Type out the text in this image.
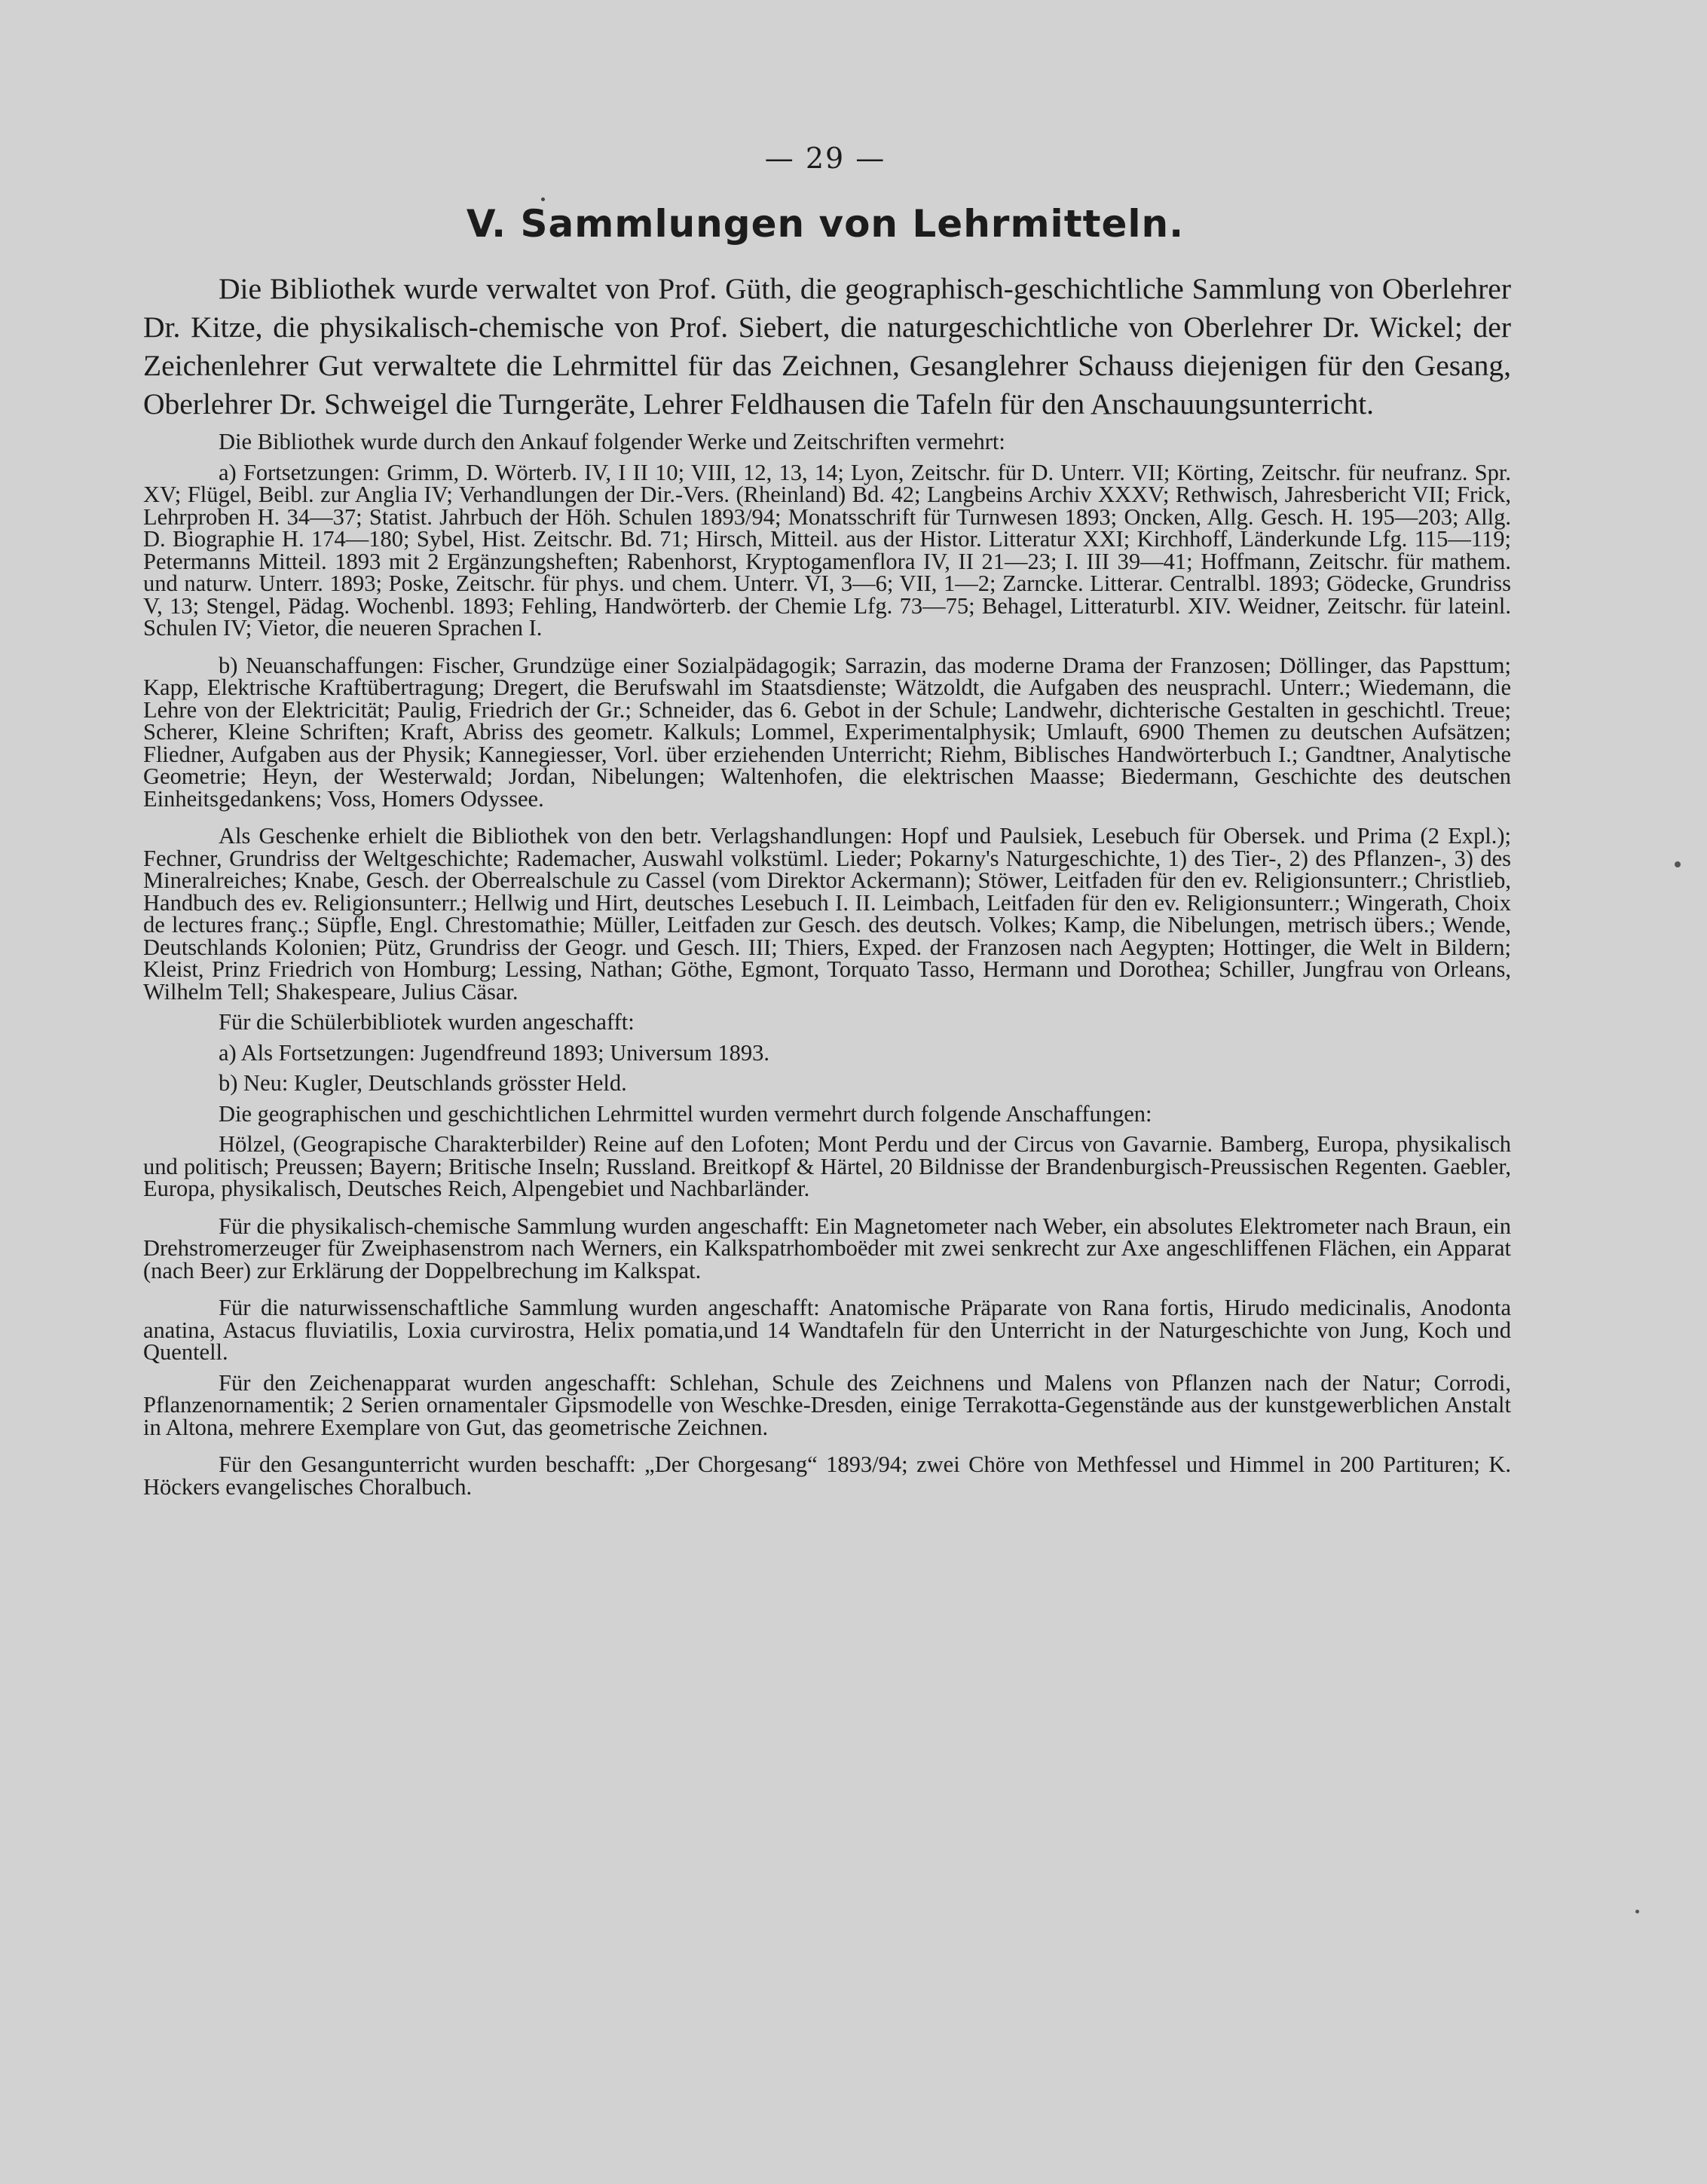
— 29 —
V. Sammlungen von Lehrmitteln.

Die Bibliothek wurde verwaltet von Prof. Güth, die geographisch-geschichtliche Sammlung von Oberlehrer Dr. Kitze, die physikalisch-chemische von Prof. Siebert, die naturgeschichtliche von Oberlehrer Dr. Wickel; der Zeichenlehrer Gut verwaltete die Lehrmittel für das Zeichnen, Gesanglehrer Schauss diejenigen für den Gesang, Oberlehrer Dr. Schweigel die Turngeräte, Lehrer Feldhausen die Tafeln für den Anschauungsunterricht.

Die Bibliothek wurde durch den Ankauf folgender Werke und Zeitschriften vermehrt:

a) Fortsetzungen: Grimm, D. Wörterb. IV, I II 10; VIII, 12, 13, 14; Lyon, Zeitschr. für D. Unterr. VII; Körting, Zeitschr. für neufranz. Spr. XV; Flügel, Beibl. zur Anglia IV; Verhandlungen der Dir.-Vers. (Rheinland) Bd. 42; Langbeins Archiv XXXV; Rethwisch, Jahresbericht VII; Frick, Lehrproben H. 34—37; Statist. Jahrbuch der Höh. Schulen 1893/94; Monatsschrift für Turnwesen 1893; Oncken, Allg. Gesch. H. 195—203; Allg. D. Biographie H. 174—180; Sybel, Hist. Zeitschr. Bd. 71; Hirsch, Mitteil. aus der Histor. Litteratur XXI; Kirchhoff, Länderkunde Lfg. 115—119; Petermanns Mitteil. 1893 mit 2 Ergänzungsheften; Rabenhorst, Kryptogamenflora IV, II 21—23; I. III 39—41; Hoffmann, Zeitschr. für mathem. und naturw. Unterr. 1893; Poske, Zeitschr. für phys. und chem. Unterr. VI, 3—6; VII, 1—2; Zarncke. Litterar. Centralbl. 1893; Gödecke, Grundriss V, 13; Stengel, Pädag. Wochenbl. 1893; Fehling, Handwörterb. der Chemie Lfg. 73—75; Behagel, Litteraturbl. XIV. Weidner, Zeitschr. für lateinl. Schulen IV; Vietor, die neueren Sprachen I.

b) Neuanschaffungen: Fischer, Grundzüge einer Sozialpädagogik; Sarrazin, das moderne Drama der Franzosen; Döllinger, das Papsttum; Kapp, Elektrische Kraftübertragung; Dregert, die Berufswahl im Staatsdienste; Wätzoldt, die Aufgaben des neusprachl. Unterr.; Wiedemann, die Lehre von der Elektricität; Paulig, Friedrich der Gr.; Schneider, das 6. Gebot in der Schule; Landwehr, dichterische Gestalten in geschichtl. Treue; Scherer, Kleine Schriften; Kraft, Abriss des geometr. Kalkuls; Lommel, Experimentalphysik; Umlauft, 6900 Themen zu deutschen Aufsätzen; Fliedner, Aufgaben aus der Physik; Kannegiesser, Vorl. über erziehenden Unterricht; Riehm, Biblisches Handwörterbuch I.; Gandtner, Analytische Geometrie; Heyn, der Westerwald; Jordan, Nibelungen; Waltenhofen, die elektrischen Maasse; Biedermann, Geschichte des deutschen Einheitsgedankens; Voss, Homers Odyssee.

Als Geschenke erhielt die Bibliothek von den betr. Verlagshandlungen: Hopf und Paulsiek, Lesebuch für Obersek. und Prima (2 Expl.); Fechner, Grundriss der Weltgeschichte; Rademacher, Auswahl volkstüml. Lieder; Pokarny's Naturgeschichte, 1) des Tier-, 2) des Pflanzen-, 3) des Mineralreiches; Knabe, Gesch. der Oberrealschule zu Cassel (vom Direktor Ackermann); Stöwer, Leitfaden für den ev. Religionsunterr.; Christlieb, Handbuch des ev. Religionsunterr.; Hellwig und Hirt, deutsches Lesebuch I. II. Leimbach, Leitfaden für den ev. Religionsunterr.; Wingerath, Choix de lectures franç.; Süpfle, Engl. Chrestomathie; Müller, Leitfaden zur Gesch. des deutsch. Volkes; Kamp, die Nibelungen, metrisch übers.; Wende, Deutschlands Kolonien; Pütz, Grundriss der Geogr. und Gesch. III; Thiers, Exped. der Franzosen nach Aegypten; Hottinger, die Welt in Bildern; Kleist, Prinz Friedrich von Homburg; Lessing, Nathan; Göthe, Egmont, Torquato Tasso, Hermann und Dorothea; Schiller, Jungfrau von Orleans, Wilhelm Tell; Shakespeare, Julius Cäsar.

Für die Schülerbibliotek wurden angeschafft:

a) Als Fortsetzungen: Jugendfreund 1893; Universum 1893.

b) Neu: Kugler, Deutschlands grösster Held.

Die geographischen und geschichtlichen Lehrmittel wurden vermehrt durch folgende Anschaffungen:

Hölzel, (Geograpische Charakterbilder) Reine auf den Lofoten; Mont Perdu und der Circus von Gavarnie. Bamberg, Europa, physikalisch und politisch; Preussen; Bayern; Britische Inseln; Russland. Breitkopf & Härtel, 20 Bildnisse der Brandenburgisch-Preussischen Regenten. Gaebler, Europa, physikalisch, Deutsches Reich, Alpengebiet und Nachbarländer.

Für die physikalisch-chemische Sammlung wurden angeschafft: Ein Magnetometer nach Weber, ein absolutes Elektrometer nach Braun, ein Drehstromerzeuger für Zweiphasenstrom nach Werners, ein Kalkspatrhomboëder mit zwei senkrecht zur Axe angeschliffenen Flächen, ein Apparat (nach Beer) zur Erklärung der Doppelbrechung im Kalkspat.

Für die naturwissenschaftliche Sammlung wurden angeschafft: Anatomische Präparate von Rana fortis, Hirudo medicinalis, Anodonta anatina, Astacus fluviatilis, Loxia curvirostra, Helix pomatia,und 14 Wandtafeln für den Unterricht in der Naturgeschichte von Jung, Koch und Quentell.

Für den Zeichenapparat wurden angeschafft: Schlehan, Schule des Zeichnens und Malens von Pflanzen nach der Natur; Corrodi, Pflanzenornamentik; 2 Serien ornamentaler Gipsmodelle von Weschke-Dresden, einige Terrakotta-Gegenstände aus der kunstgewerblichen Anstalt in Altona, mehrere Exemplare von Gut, das geometrische Zeichnen.

Für den Gesangunterricht wurden beschafft: „Der Chorgesang“ 1893/94; zwei Chöre von Methfessel und Himmel in 200 Partituren; K. Höckers evangelisches Choralbuch.
